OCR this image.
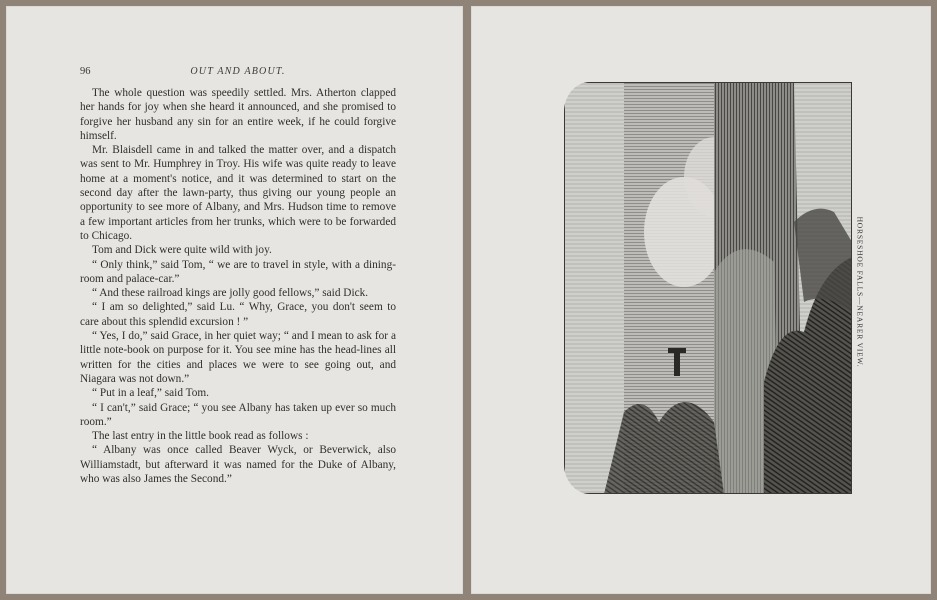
96	OUT AND ABOUT.

The whole question was speedily settled. Mrs. Atherton clapped her hands for joy when she heard it announced, and she promised to forgive her husband any sin for an entire week, if he could forgive himself.

Mr. Blaisdell came in and talked the matter over, and a dispatch was sent to Mr. Humphrey in Troy. His wife was quite ready to leave home at a moment's notice, and it was determined to start on the second day after the lawn-party, thus giving our young people an opportunity to see more of Albany, and Mrs. Hudson time to remove a few important articles from her trunks, which were to be forwarded to Chicago.

Tom and Dick were quite wild with joy.

“ Only think,” said Tom, “ we are to travel in style, with a dining-room and palace-car.”

“ And these railroad kings are jolly good fellows,” said Dick.

“ I am so delighted,” said Lu. “ Why, Grace, you don't seem to care about this splendid excursion ! ”

“ Yes, I do,” said Grace, in her quiet way; “ and I mean to ask for a little note-book on purpose for it. You see mine has the head-lines all written for the cities and places we were to see going out, and Niagara was not down.”

“ Put in a leaf,” said Tom.

“ I can't,” said Grace; “ you see Albany has taken up ever so much room.”

The last entry in the little book read as follows :

“ Albany was once called Beaver Wyck, or Beverwick, also Williamstadt, but afterward it was named for the Duke of Albany, who was also James the Second.”

HORSESHOE FALLS—NEARER VIEW.
